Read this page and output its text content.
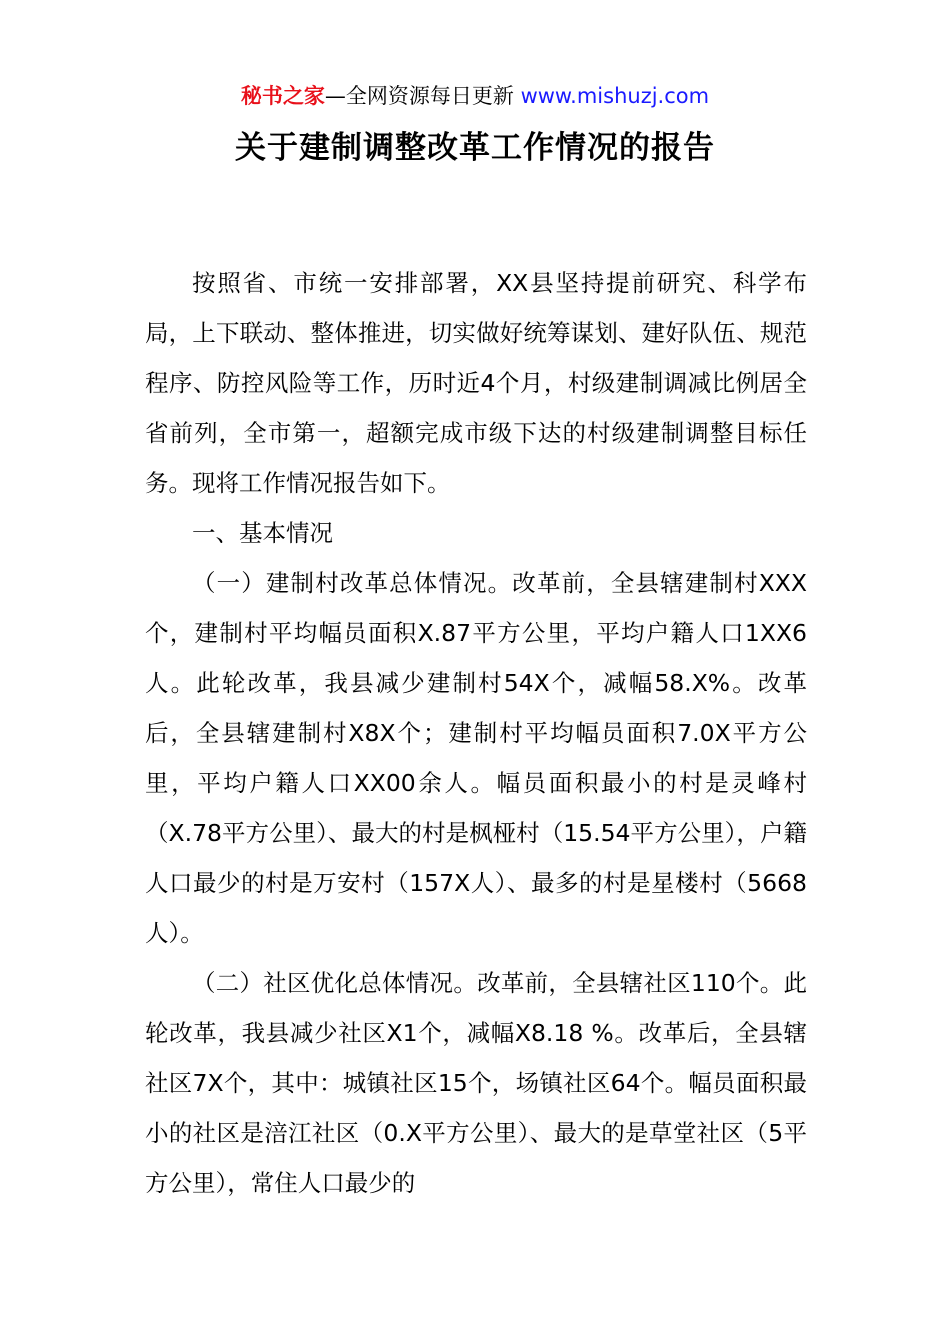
秘书之家—全网资源每日更新 www.mishuzj.com
关于建制调整改革工作情况的报告

按照省、市统一安排部署，XX县坚持提前研究、科学布局，上下联动、整体推进，切实做好统筹谋划、建好队伍、规范程序、防控风险等工作，历时近4个月，村级建制调减比例居全省前列，全市第一，超额完成市级下达的村级建制调整目标任务。现将工作情况报告如下。

一、基本情况

（一）建制村改革总体情况。改革前，全县辖建制村XXX个，建制村平均幅员面积X.87平方公里，平均户籍人口1XX6人。此轮改革，我县减少建制村54X个，减幅58.X%。改革后，全县辖建制村X8X个；建制村平均幅员面积7.0X平方公里，平均户籍人口XX00余人。幅员面积最小的村是灵峰村（X.78平方公里）、最大的村是枫桠村（15.54平方公里），户籍人口最少的村是万安村（157X人）、最多的村是星楼村（5668人）。

（二）社区优化总体情况。改革前，全县辖社区110个。此轮改革，我县减少社区X1个，减幅X8.18 %。改革后，全县辖社区7X个，其中：城镇社区15个，场镇社区64个。幅员面积最小的社区是涪江社区（0.X平方公里）、最大的是草堂社区（5平方公里），常住人口最少的
